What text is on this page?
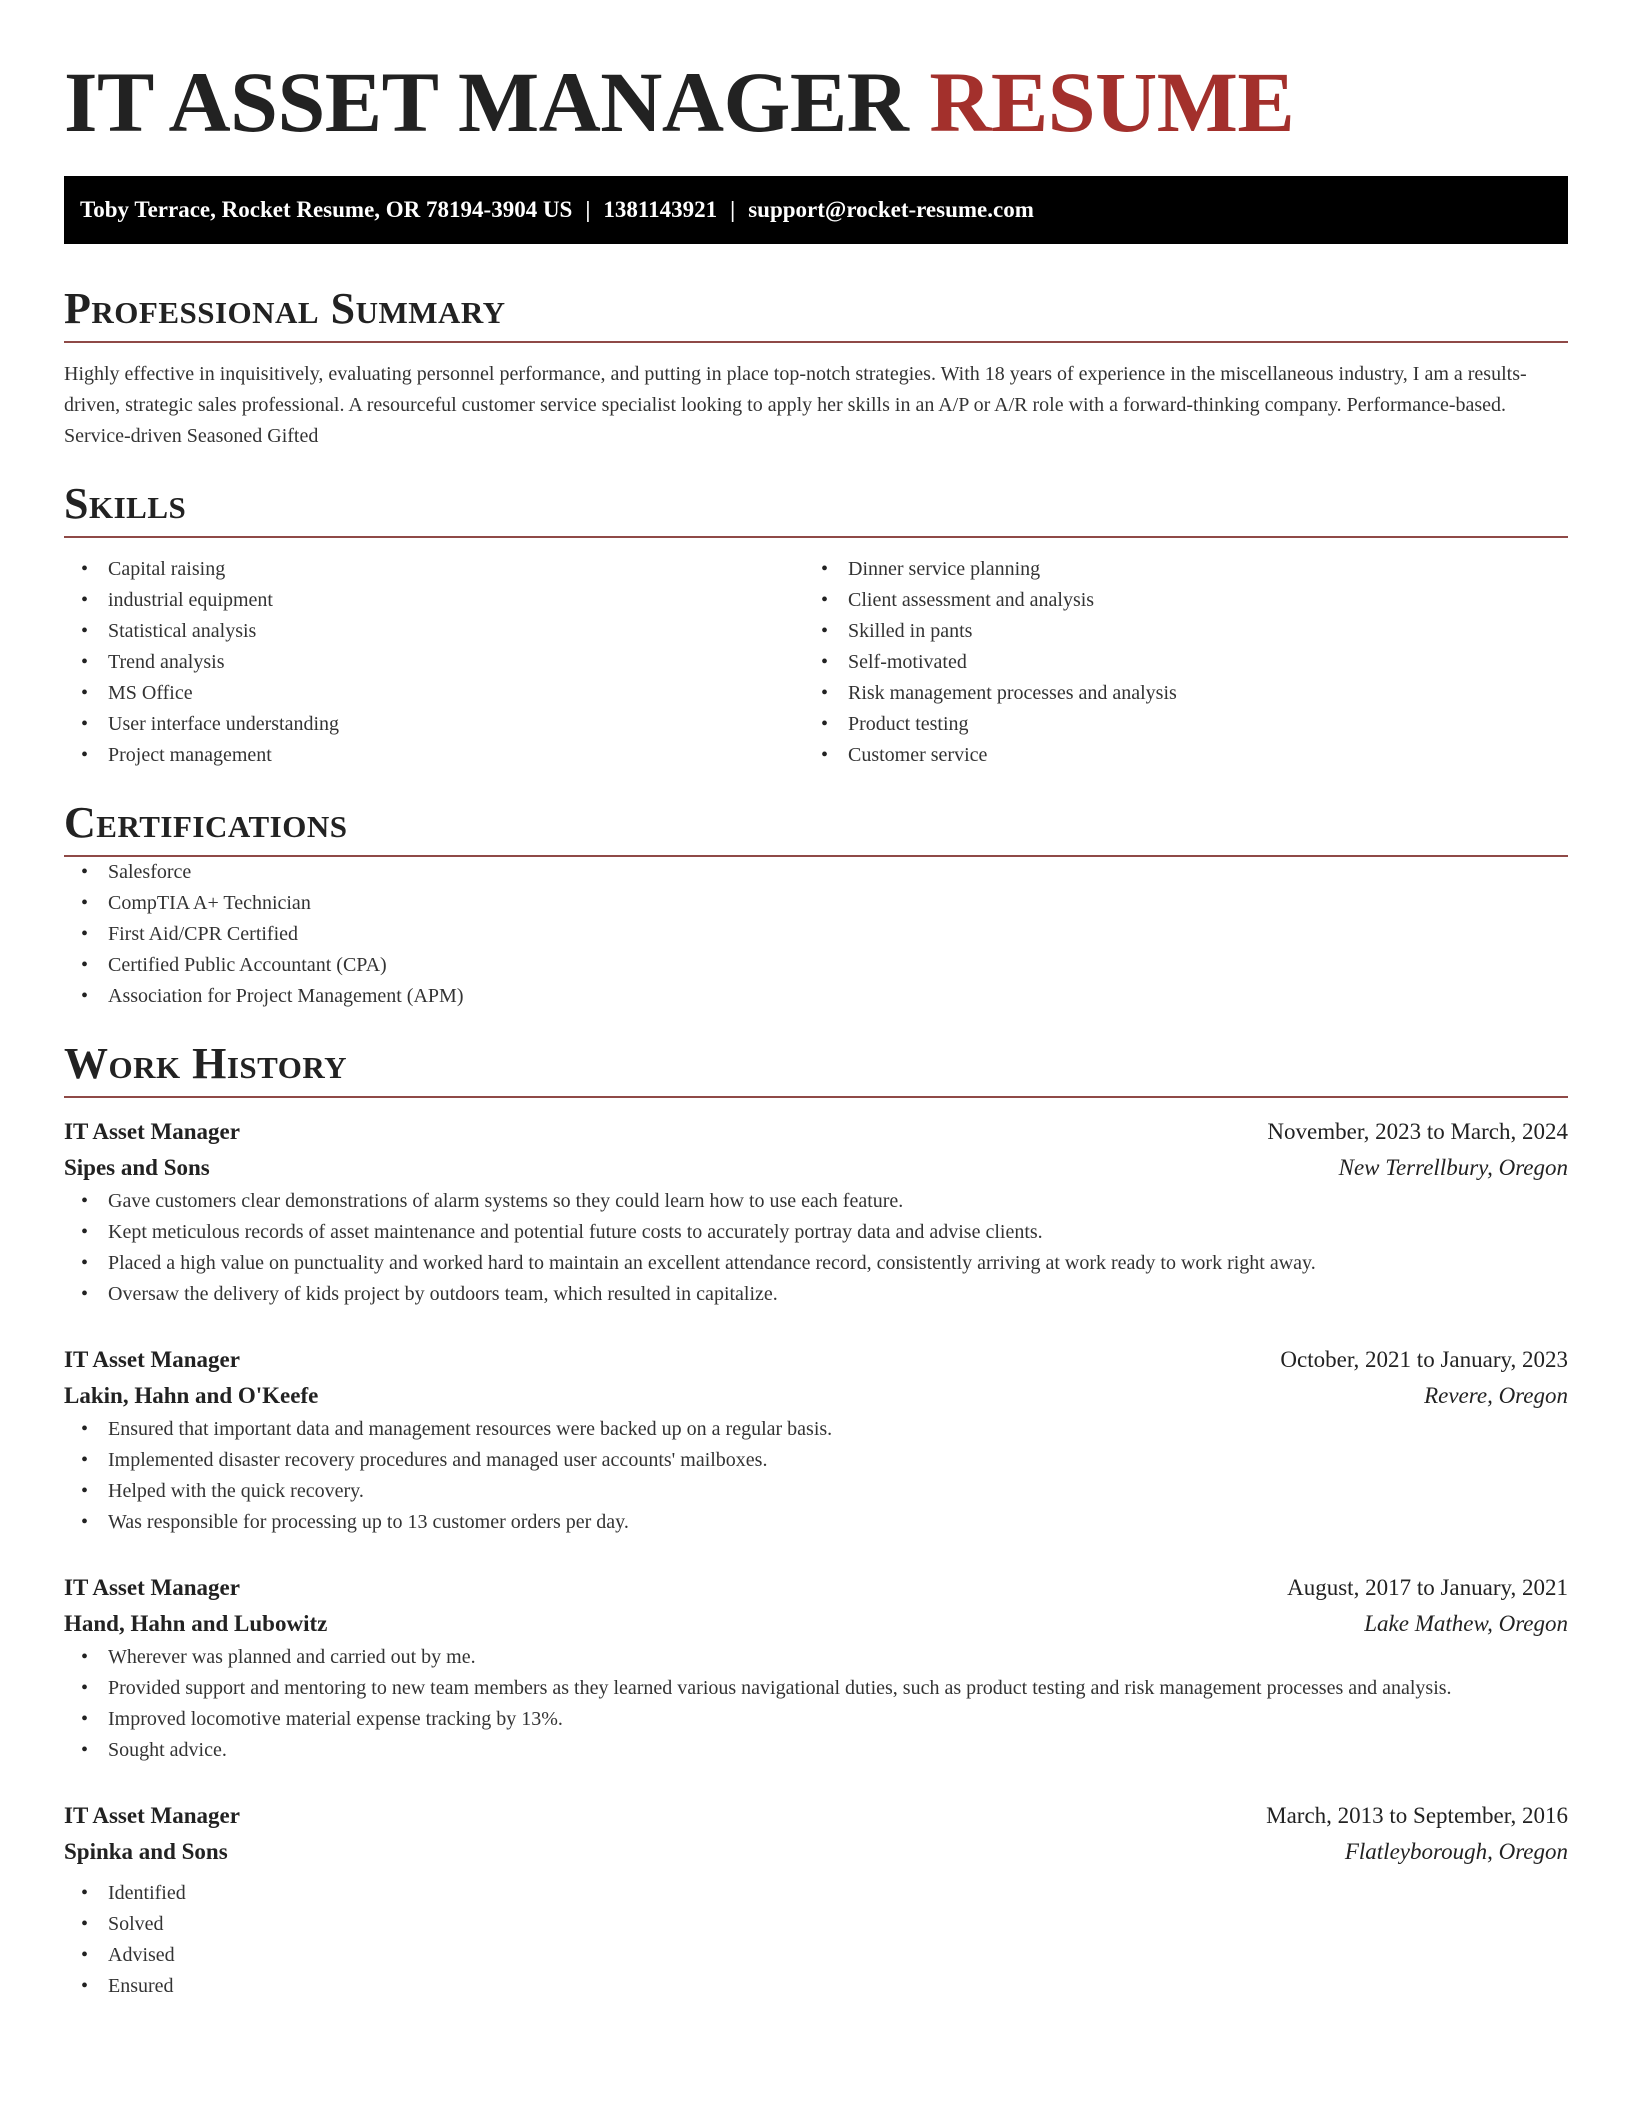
IT ASSET MANAGER RESUME
Toby Terrace, Rocket Resume, OR 78194-3904 US | 1381143921 | support@rocket-resume.com
Professional Summary

Highly effective in inquisitively, evaluating personnel performance, and putting in place top-notch strategies. With 18 years of experience in the miscellaneous industry, I am a results-driven, strategic sales professional. A resourceful customer service specialist looking to apply her skills in an A/P or A/R role with a forward-thinking company. Performance-based. Service-driven Seasoned Gifted

Skills
• Capital raising
• industrial equipment
• Statistical analysis
• Trend analysis
• MS Office
• User interface understanding
• Project management
• Dinner service planning
• Client assessment and analysis
• Skilled in pants
• Self-motivated
• Risk management processes and analysis
• Product testing
• Customer service
Certifications
• Salesforce
• CompTIA A+ Technician
• First Aid/CPR Certified
• Certified Public Accountant (CPA)
• Association for Project Management (APM)
Work History
IT Asset Manager	November, 2023 to March, 2024
Sipes and Sons	New Terrellbury, Oregon
• Gave customers clear demonstrations of alarm systems so they could learn how to use each feature.
• Kept meticulous records of asset maintenance and potential future costs to accurately portray data and advise clients.
• Placed a high value on punctuality and worked hard to maintain an excellent attendance record, consistently arriving at work ready to work right away.
• Oversaw the delivery of kids project by outdoors team, which resulted in capitalize.
IT Asset Manager	October, 2021 to January, 2023
Lakin, Hahn and O'Keefe	Revere, Oregon
• Ensured that important data and management resources were backed up on a regular basis.
• Implemented disaster recovery procedures and managed user accounts' mailboxes.
• Helped with the quick recovery.
• Was responsible for processing up to 13 customer orders per day.
IT Asset Manager	August, 2017 to January, 2021
Hand, Hahn and Lubowitz	Lake Mathew, Oregon
• Wherever was planned and carried out by me.
• Provided support and mentoring to new team members as they learned various navigational duties, such as product testing and risk management processes and analysis.
• Improved locomotive material expense tracking by 13%.
• Sought advice.
IT Asset Manager	March, 2013 to September, 2016
Spinka and Sons	Flatleyborough, Oregon
• Identified
• Solved
• Advised
• Ensured
